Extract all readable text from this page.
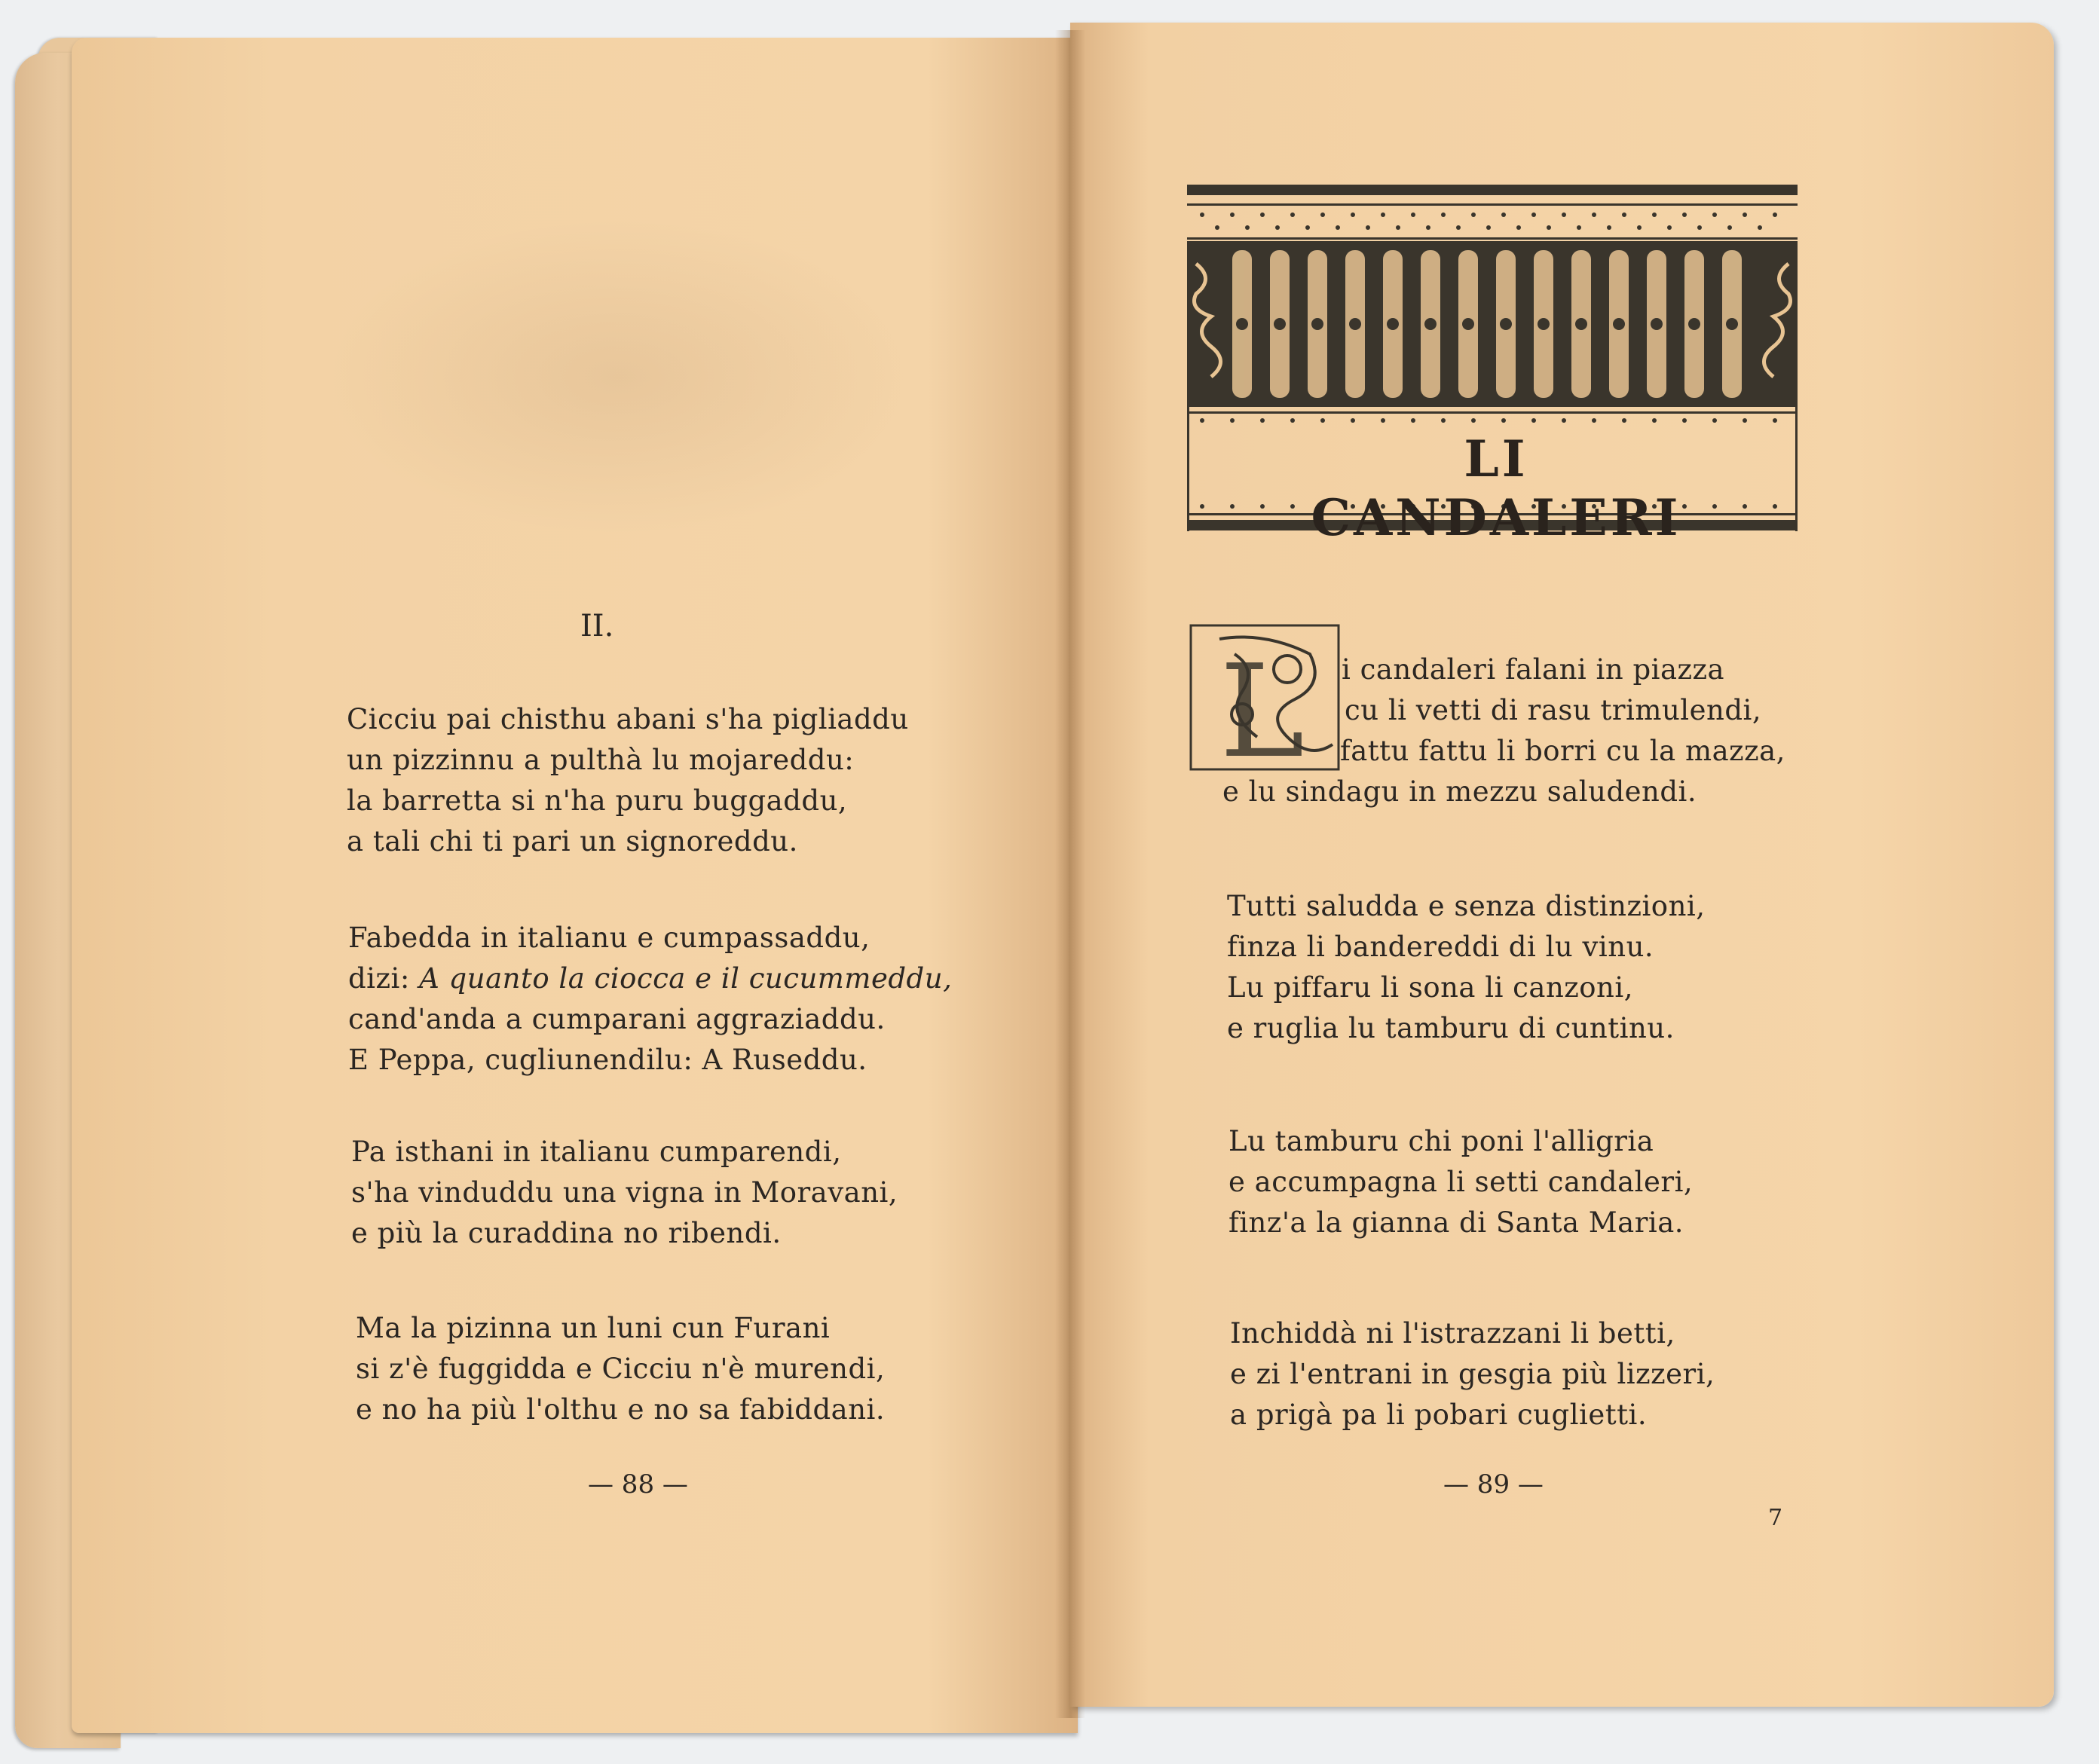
II.
Cicciu pai chisthu abani s'ha pigliaddu
un pizzinnu a pulthà lu mojareddu:
la barretta si n'ha puru buggaddu,
a tali chi ti pari un signoreddu.
Fabedda in italianu e cumpassaddu,
dizi: A quanto la ciocca e il cucummeddu,
cand'anda a cumparani aggraziaddu.
E Peppa, cugliunendilu: A Ruseddu.
Pa isthani in italianu cumparendi,
s'ha vinduddu una vigna in Moravani,
e più la curaddina no ribendi.
Ma la pizinna un luni cun Furani
si z'è fuggidda e Cicciu n'è murendi,
e no ha più l'olthu e no sa fabiddani.
— 88 —
LI CANDALERI
L i candaleri falani in piazza
cu li vetti di rasu trimulendi,
fattu fattu li borri cu la mazza,
e lu sindagu in mezzu saludendi.
Tutti saludda e senza distinzioni,
finza li bandereddi di lu vinu.
Lu piffaru li sona li canzoni,
e ruglia lu tamburu di cuntinu.
Lu tamburu chi poni l'alligria
e accumpagna li setti candaleri,
finz'a la gianna di Santa Maria.
Inchiddà ni l'istrazzani li betti,
e zi l'entrani in gesgia più lizzeri,
a prigà pa li pobari cuglietti.
— 89 —
7
